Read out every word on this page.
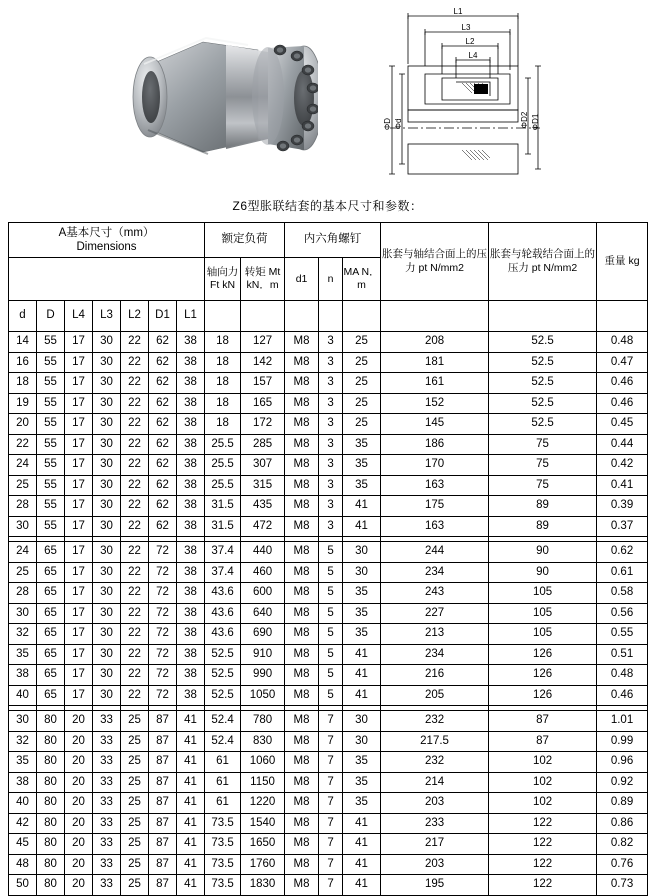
L1
L3
L2
L4
ΦD Φd	ΦD2 ΦD1
Z6型胀联结套的基本尺寸和参数：
A基本尺寸（mm）
Dimensions							额定负荷		内六角螺钉			胀套与轴结合面上的压力 pt N/mm2	胀套与轮载结合面上的压力 pt N/mm2	重量 kg
							轴向力Ft kN	转矩 Mt kN．m	d1	n	MA N．m			
d	D	L4	L3	L2	D1	L1								
14	55	17	30	22	62	38	18	127	M8	3	25	208	52.5	0.48
16	55	17	30	22	62	38	18	142	M8	3	25	181	52.5	0.47
18	55	17	30	22	62	38	18	157	M8	3	25	161	52.5	0.46
19	55	17	30	22	62	38	18	165	M8	3	25	152	52.5	0.46
20	55	17	30	22	62	38	18	172	M8	3	25	145	52.5	0.45
22	55	17	30	22	62	38	25.5	285	M8	3	35	186	75	0.44
24	55	17	30	22	62	38	25.5	307	M8	3	35	170	75	0.42
25	55	17	30	22	62	38	25.5	315	M8	3	35	163	75	0.41
28	55	17	30	22	62	38	31.5	435	M8	3	41	175	89	0.39
30	55	17	30	22	62	38	31.5	472	M8	3	41	163	89	0.37

24	65	17	30	22	72	38	37.4	440	M8	5	30	244	90	0.62
25	65	17	30	22	72	38	37.4	460	M8	5	30	234	90	0.61
28	65	17	30	22	72	38	43.6	600	M8	5	35	243	105	0.58
30	65	17	30	22	72	38	43.6	640	M8	5	35	227	105	0.56
32	65	17	30	22	72	38	43.6	690	M8	5	35	213	105	0.55
35	65	17	30	22	72	38	52.5	910	M8	5	41	234	126	0.51
38	65	17	30	22	72	38	52.5	990	M8	5	41	216	126	0.48
40	65	17	30	22	72	38	52.5	1050	M8	5	41	205	126	0.46

30	80	20	33	25	87	41	52.4	780	M8	7	30	232	87	1.01
32	80	20	33	25	87	41	52.4	830	M8	7	30	217.5	87	0.99
35	80	20	33	25	87	41	61	1060	M8	7	35	232	102	0.96
38	80	20	33	25	87	41	61	1150	M8	7	35	214	102	0.92
40	80	20	33	25	87	41	61	1220	M8	7	35	203	102	0.89
42	80	20	33	25	87	41	73.5	1540	M8	7	41	233	122	0.86
45	80	20	33	25	87	41	73.5	1650	M8	7	41	217	122	0.82
48	80	20	33	25	87	41	73.5	1760	M8	7	41	203	122	0.76
50	80	20	33	25	87	41	73.5	1830	M8	7	41	195	122	0.73
